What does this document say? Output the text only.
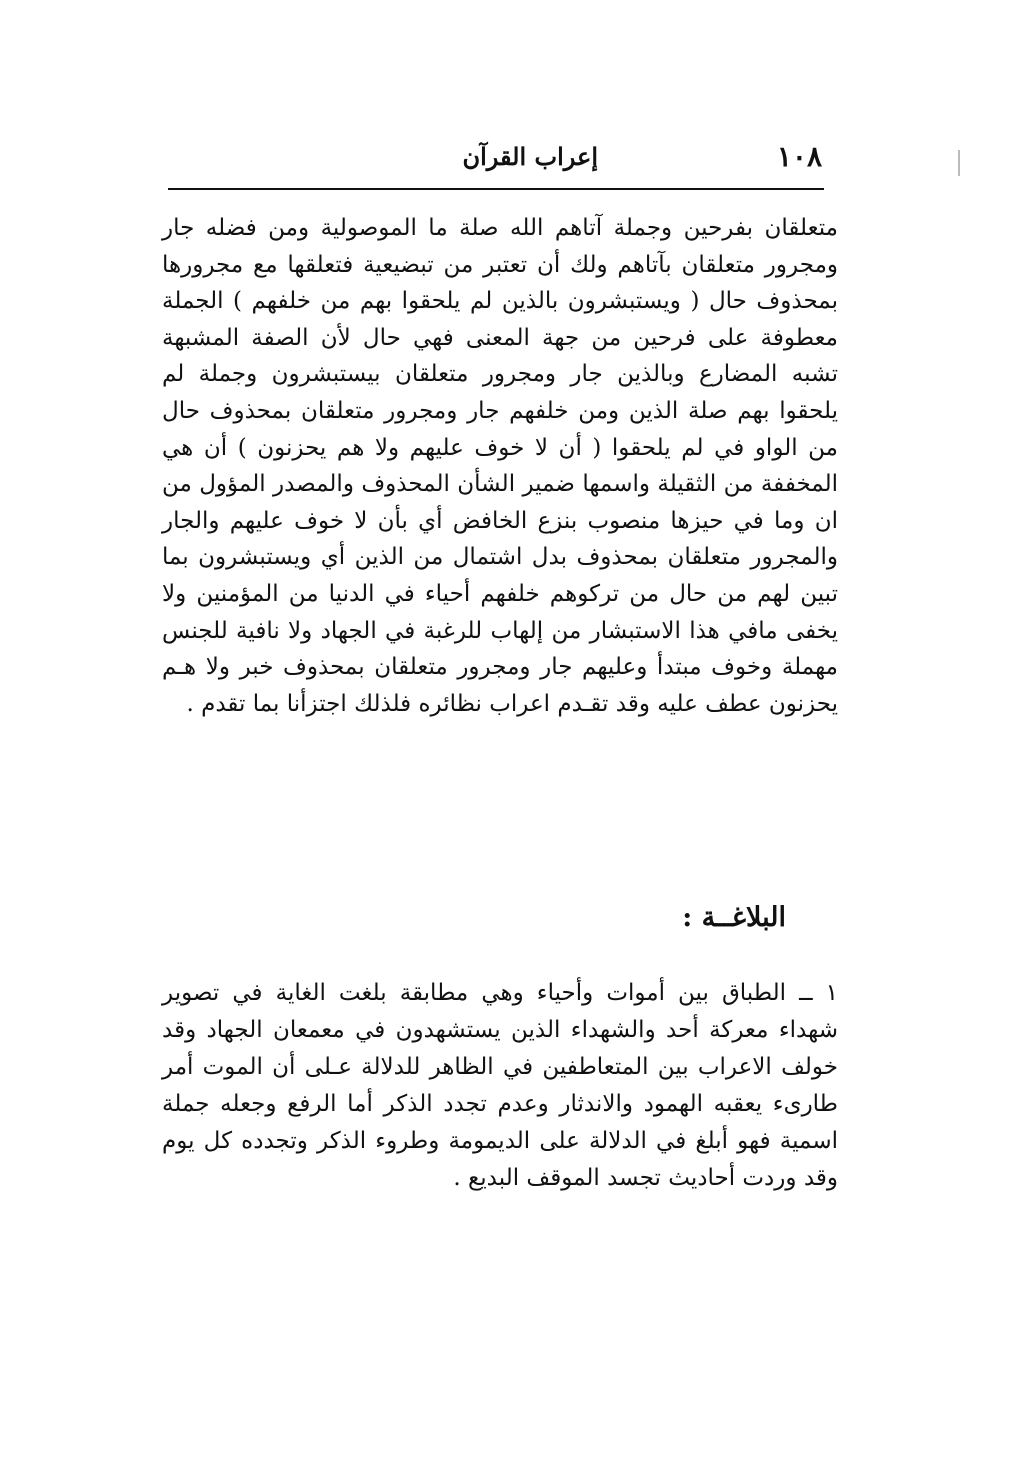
١٠٨
إعراب القرآن

متعلقان بفرحين وجملة آتاهم الله صلة ما الموصولية ومن فضله جار ومجرور متعلقان بآتاهم ولك أن تعتبر من تبضيعية فتعلقها مع مجرورها بمحذوف حال ( ويستبشرون بالذين لم يلحقوا بهم من خلفهم ) الجملة معطوفة على فرحين من جهة المعنى فهي حال لأن الصفة المشبهة تشبه المضارع وبالذين جار ومجرور متعلقان بيستبشرون وجملة لم يلحقوا بهم صلة الذين ومن خلفهم جار ومجرور متعلقان بمحذوف حال من الواو في لم يلحقوا ( أن لا خوف عليهم ولا هم يحزنون ) أن هي المخففة من الثقيلة واسمها ضمير الشأن المحذوف والمصدر المؤول من ان وما في حيزها منصوب بنزع الخافض أي بأن لا خوف عليهم والجار والمجرور متعلقان بمحذوف بدل اشتمال من الذين أي ويستبشرون بما تبين لهم من حال من تركوهم خلفهم أحياء في الدنيا من المؤمنين ولا يخفى مافي هذا الاستبشار من إلهاب للرغبة في الجهاد ولا نافية للجنس مهملة وخوف مبتدأ وعليهم جار ومجرور متعلقان بمحذوف خبر ولا هـم يحزنون عطف عليه وقد تقـدم اعراب نظائره فلذلك اجتزأنا بما تقدم .

البلاغــة :

١ ــ الطباق بين أموات وأحياء وهي مطابقة بلغت الغاية في تصوير شهداء معركة أحد والشهداء الذين يستشهدون في معمعان الجهاد وقد خولف الاعراب بين المتعاطفين في الظاهر للدلالة عـلى أن الموت أمر طارىء يعقبه الهمود والاندثار وعدم تجدد الذكر أما الرفع وجعله جملة اسمية فهو أبلغ في الدلالة على الديمومة وطروء الذكر وتجدده كل يوم وقد وردت أحاديث تجسد الموقف البديع .
